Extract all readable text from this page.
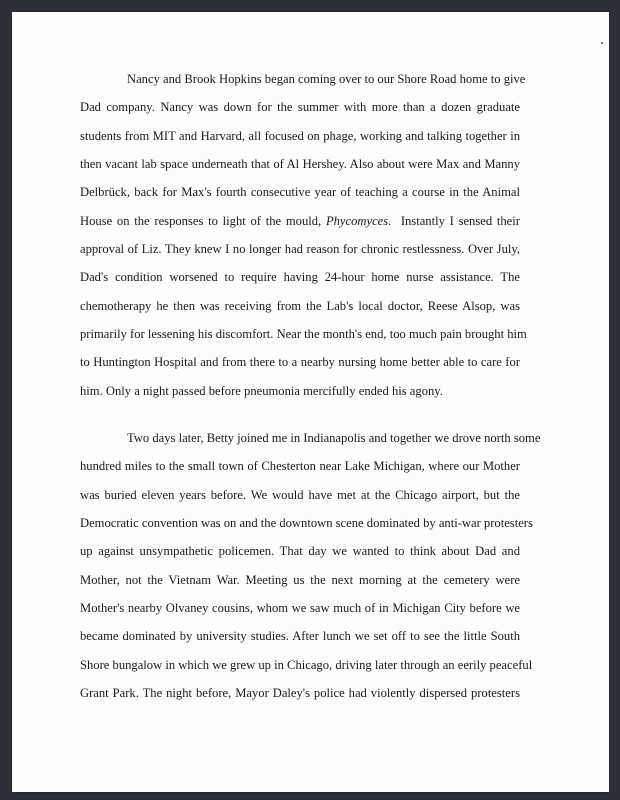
Nancy and Brook Hopkins began coming over to our Shore Road home to give
Dad company. Nancy was down for the summer with more than a dozen graduate
students from MIT and Harvard, all focused on phage, working and talking together in
then vacant lab space underneath that of Al Hershey. Also about were Max and Manny
Delbrück, back for Max's fourth consecutive year of teaching a course in the Animal
House on the responses to light of the mould, Phycomyces.  Instantly I sensed their
approval of Liz. They knew I no longer had reason for chronic restlessness. Over July,
Dad's condition worsened to require having 24-hour home nurse assistance. The
chemotherapy he then was receiving from the Lab's local doctor, Reese Alsop, was
primarily for lessening his discomfort. Near the month's end, too much pain brought him
to Huntington Hospital and from there to a nearby nursing home better able to care for
him. Only a night passed before pneumonia mercifully ended his agony.
Two days later, Betty joined me in Indianapolis and together we drove north some
hundred miles to the small town of Chesterton near Lake Michigan, where our Mother
was buried eleven years before. We would have met at the Chicago airport, but the
Democratic convention was on and the downtown scene dominated by anti-war protesters
up against unsympathetic policemen. That day we wanted to think about Dad and
Mother, not the Vietnam War. Meeting us the next morning at the cemetery were
Mother's nearby Olvaney cousins, whom we saw much of in Michigan City before we
became dominated by university studies. After lunch we set off to see the little South
Shore bungalow in which we grew up in Chicago, driving later through an eerily peaceful
Grant Park. The night before, Mayor Daley's police had violently dispersed protesters
